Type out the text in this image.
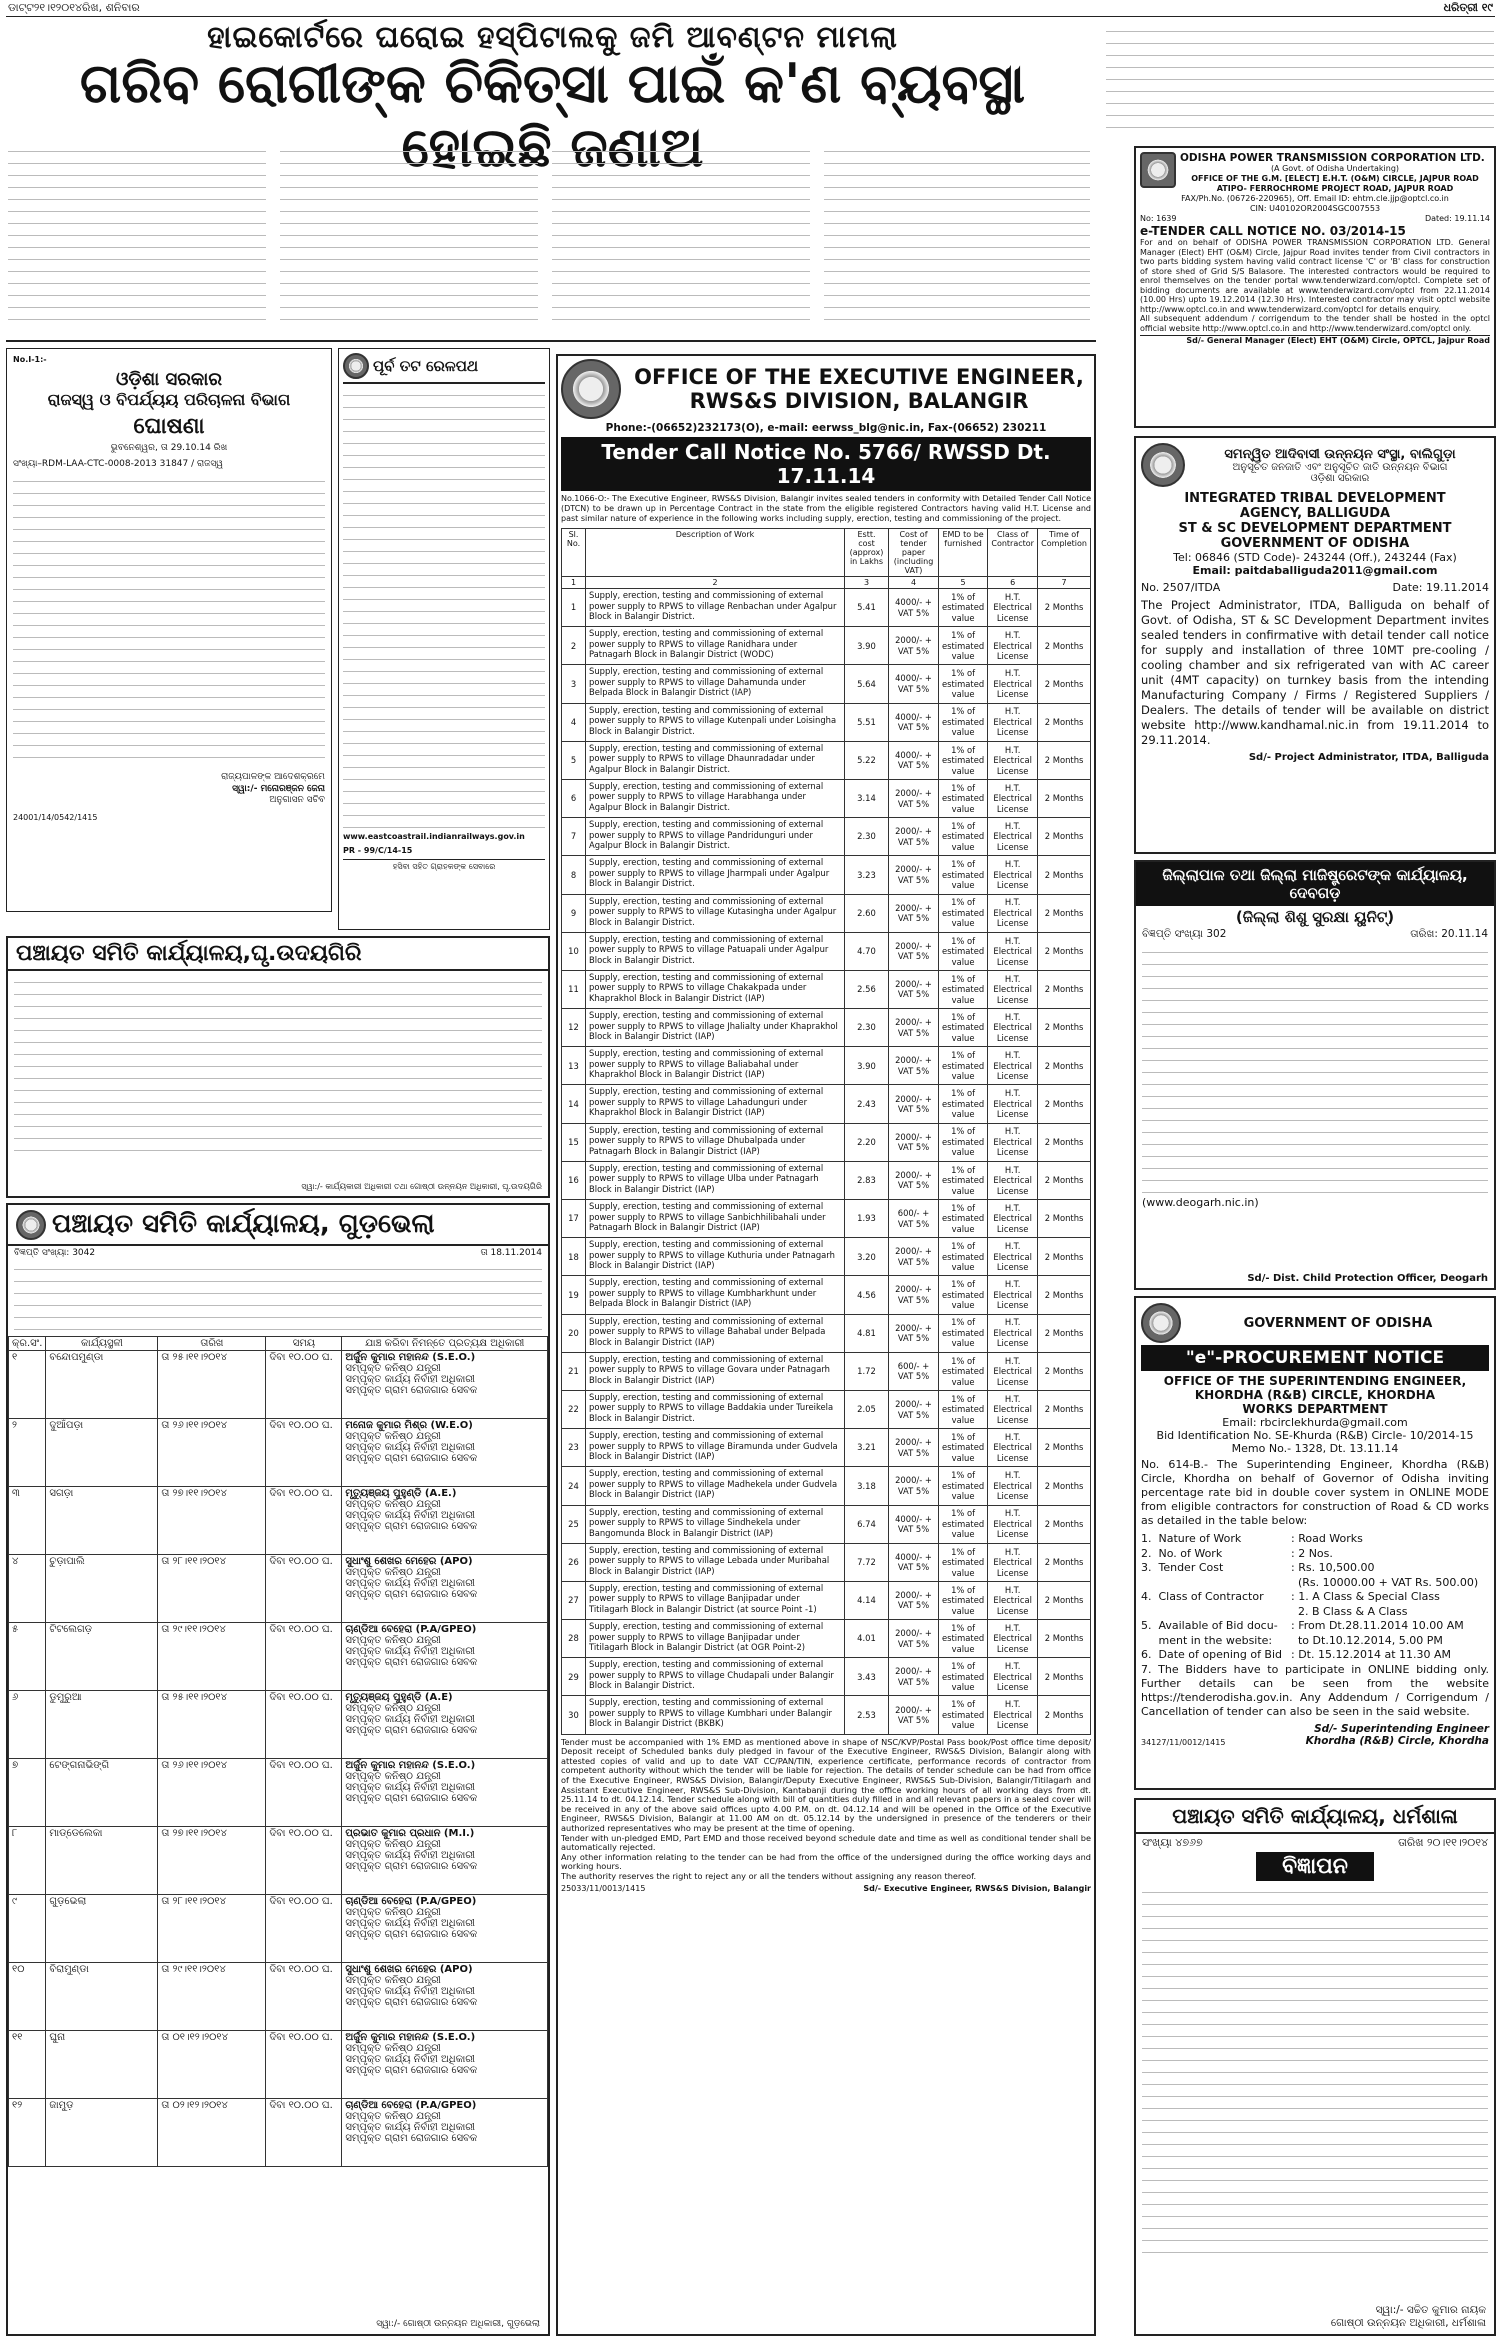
ଡାଟ୍ଟ୨୧।୧୨୦୧୪ରିଖ, ଶନିବାର	ଧରିତ୍ରୀ ୧୯
ହାଇକୋର୍ଟରେ ଘରୋଇ ହସ୍ପିଟାଲକୁ ଜମି ଆବଣ୍ଟନ ମାମଲା
ଗରିବ ରୋଗୀଙ୍କ ଚିକିତ୍ସା ପାଇଁ କ'ଣ ବ୍ୟବସ୍ଥା ହୋଇଛି ଜଣାଅ
No.I-1:-
ଓଡ଼ିଶା ସରକାର
ରାଜସ୍ୱ ଓ ବିପର୍ଯ୍ୟୟ ପରିଚାଳନା ବିଭାଗ
ଘୋଷଣା
ଭୁବନେଶ୍ୱର, ତା 29.10.14 ରିଖ
ସଂଖ୍ୟା–RDM-LAA-CTC-0008-2013 31847 / ରାଜସ୍ୱ
ରାଜ୍ୟପାଳଙ୍କ ଆଦେଶକ୍ରମେ
ସ୍ୱା:/- ମନୋରଞ୍ଜନ ଜେନା
ଅନୁଗାସନ ସଚିବ
24001/14/0542/1415
ପୂର୍ବ ତଟ ରେଳପଥ
www.eastcoastrail.indianrailways.gov.in
PR - 99/C/14-15
ହସିବା ସହିତ ଗ୍ରାହକଙ୍କ ସେବାରେ
ପଞ୍ଚାୟତ ସମିତି କାର୍ଯ୍ୟାଳୟ,ଘୃ.ଉଦୟଗିରି
ସ୍ୱା:/- କାର୍ଯ୍ୟକାରୀ ଅଧିକାରୀ ତଥା ଗୋଷ୍ଠୀ ଉନ୍ନୟନ ଅଧିକାରୀ, ଘୃ.ଉଦୟଗିରି
ପଞ୍ଚାୟତ ସମିତି କାର୍ଯ୍ୟାଳୟ, ଗୁଡ଼ଭେଲା
ବିଜ୍ଞପ୍ତି ସଂଖ୍ୟା: 3042	ତା 18.11.2014
କ୍ର.ସଂ.	କାର୍ଯ୍ୟସ୍ଥଳୀ	ତାରିଖ	ସମୟ	ଯାଞ୍ଚ କରିବା ନିମନ୍ତେ ପ୍ରତ୍ୟକ୍ଷ ଅଧିକାରୀ
୧	ବନ୍ଦୋପମୁଣ୍ଡା	ତା ୨୫।୧୧।୨୦୧୪	ଦିବା ୧୦.୦୦ ଘ.	ଅର୍ଜୁନ କୁମାର ମହାନନ୍ଦ (S.E.O.)
ସମ୍ପୃକ୍ତ କନିଷ୍ଠ ଯନ୍ତ୍ରୀ
ସମ୍ପୃକ୍ତ କାର୍ଯ୍ୟ ନିର୍ବାହୀ ଅଧିକାରୀ
ସମ୍ପୃକ୍ତ ଗ୍ରାମ ରୋଜଗାର ସେବକ

୨	ଦୁଆଁପଡ଼ା	ତା ୨୬।୧୧।୨୦୧୪	ଦିବା ୧୦.୦୦ ଘ.	ମନୋଜ କୁମାର ମିଶ୍ର (W.E.O)
ସମ୍ପୃକ୍ତ କନିଷ୍ଠ ଯନ୍ତ୍ରୀ
ସମ୍ପୃକ୍ତ କାର୍ଯ୍ୟ ନିର୍ବାହୀ ଅଧିକାରୀ
ସମ୍ପୃକ୍ତ ଗ୍ରାମ ରୋଜଗାର ସେବକ

୩	ସଗଡ଼ା	ତା ୨୭।୧୧।୨୦୧୪	ଦିବା ୧୦.୦୦ ଘ.	ମୃତ୍ୟୁଞ୍ଜୟ ପୁହୁଣ୍ଡି (A.E.)
ସମ୍ପୃକ୍ତ କନିଷ୍ଠ ଯନ୍ତ୍ରୀ
ସମ୍ପୃକ୍ତ କାର୍ଯ୍ୟ ନିର୍ବାହୀ ଅଧିକାରୀ
ସମ୍ପୃକ୍ତ ଗ୍ରାମ ରୋଜଗାର ସେବକ

୪	ଚୁଡ଼ାପାଲି	ତା ୨୮।୧୧।୨୦୧୪	ଦିବା ୧୦.୦୦ ଘ.	ସୁଧାଂଶୁ ଶେଖର ମେହେର (APO)
ସମ୍ପୃକ୍ତ କନିଷ୍ଠ ଯନ୍ତ୍ରୀ
ସମ୍ପୃକ୍ତ କାର୍ଯ୍ୟ ନିର୍ବାହୀ ଅଧିକାରୀ
ସମ୍ପୃକ୍ତ ଗ୍ରାମ ରୋଜଗାର ସେବକ

୫	ଟିଟଲେଗଡ଼	ତା ୨୯।୧୧।୨୦୧୪	ଦିବା ୧୦.୦୦ ଘ.	ଚାଣ୍ଡିଆ ବେହେରା (P.A/GPEO)
ସମ୍ପୃକ୍ତ କନିଷ୍ଠ ଯନ୍ତ୍ରୀ
ସମ୍ପୃକ୍ତ କାର୍ଯ୍ୟ ନିର୍ବାହୀ ଅଧିକାରୀ
ସମ୍ପୃକ୍ତ ଗ୍ରାମ ରୋଜଗାର ସେବକ

୬	ଡୁମୁରୁଆ	ତା ୨୫।୧୧।୨୦୧୪	ଦିବା ୧୦.୦୦ ଘ.	ମୃତ୍ୟୁଞ୍ଜୟ ପୁହୁଣ୍ଡି (A.E)
ସମ୍ପୃକ୍ତ କନିଷ୍ଠ ଯନ୍ତ୍ରୀ
ସମ୍ପୃକ୍ତ କାର୍ଯ୍ୟ ନିର୍ବାହୀ ଅଧିକାରୀ
ସମ୍ପୃକ୍ତ ଗ୍ରାମ ରୋଜଗାର ସେବକ

୭	ଟେଙ୍ଗନାଭିଙ୍ଗି	ତା ୨୬।୧୧।୨୦୧୪	ଦିବା ୧୦.୦୦ ଘ.	ଅର୍ଜୁନ କୁମାର ମହାନନ୍ଦ (S.E.O.)
ସମ୍ପୃକ୍ତ କନିଷ୍ଠ ଯନ୍ତ୍ରୀ
ସମ୍ପୃକ୍ତ କାର୍ଯ୍ୟ ନିର୍ବାହୀ ଅଧିକାରୀ
ସମ୍ପୃକ୍ତ ଗ୍ରାମ ରୋଜଗାର ସେବକ

୮	ମାଡ୍ଡେଲେକା	ତା ୨୭।୧୧।୨୦୧୪	ଦିବା ୧୦.୦୦ ଘ.	ପ୍ରଭାତ କୁମାର ପ୍ରଧାନ (M.I.)
ସମ୍ପୃକ୍ତ କନିଷ୍ଠ ଯନ୍ତ୍ରୀ
ସମ୍ପୃକ୍ତ କାର୍ଯ୍ୟ ନିର୍ବାହୀ ଅଧିକାରୀ
ସମ୍ପୃକ୍ତ ଗ୍ରାମ ରୋଜଗାର ସେବକ

୯	ଗୁଡ଼ଭେଲା	ତା ୨୮।୧୧।୨୦୧୪	ଦିବା ୧୦.୦୦ ଘ.	ଚାଣ୍ଡିଆ ବେହେରା (P.A/GPEO)
ସମ୍ପୃକ୍ତ କନିଷ୍ଠ ଯନ୍ତ୍ରୀ
ସମ୍ପୃକ୍ତ କାର୍ଯ୍ୟ ନିର୍ବାହୀ ଅଧିକାରୀ
ସମ୍ପୃକ୍ତ ଗ୍ରାମ ରୋଜଗାର ସେବକ

୧୦	ବିରାମୁଣ୍ଡା	ତା ୨୯।୧୧।୨୦୧୪	ଦିବା ୧୦.୦୦ ଘ.	ସୁଧାଂଶୁ ଶେଖର ମେହେର (APO)
ସମ୍ପୃକ୍ତ କନିଷ୍ଠ ଯନ୍ତ୍ରୀ
ସମ୍ପୃକ୍ତ କାର୍ଯ୍ୟ ନିର୍ବାହୀ ଅଧିକାରୀ
ସମ୍ପୃକ୍ତ ଗ୍ରାମ ରୋଜଗାର ସେବକ

୧୧	ଘୁନା	ତା ୦୧।୧୨।୨୦୧୪	ଦିବା ୧୦.୦୦ ଘ.	ଅର୍ଜୁନ କୁମାର ମହାନନ୍ଦ (S.E.O.)
ସମ୍ପୃକ୍ତ କନିଷ୍ଠ ଯନ୍ତ୍ରୀ
ସମ୍ପୃକ୍ତ କାର୍ଯ୍ୟ ନିର୍ବାହୀ ଅଧିକାରୀ
ସମ୍ପୃକ୍ତ ଗ୍ରାମ ରୋଜଗାର ସେବକ

୧୨	ଜାମୁଡ଼	ତା ୦୨।୧୨।୨୦୧୪	ଦିବା ୧୦.୦୦ ଘ.	ଚାଣ୍ଡିଆ ବେହେରା (P.A/GPEO)
ସମ୍ପୃକ୍ତ କନିଷ୍ଠ ଯନ୍ତ୍ରୀ
ସମ୍ପୃକ୍ତ କାର୍ଯ୍ୟ ନିର୍ବାହୀ ଅଧିକାରୀ
ସମ୍ପୃକ୍ତ ଗ୍ରାମ ରୋଜଗାର ସେବକ
ସ୍ୱା:/- ଗୋଷ୍ଠୀ ଉନ୍ନୟନ ଅଧିକାରୀ, ଗୁଡ଼ଭେଲା
OFFICE OF THE EXECUTIVE ENGINEER,
RWS&S DIVISION, BALANGIR
Phone:-(06652)232173(O), e-mail: eerwss_blg@nic.in, Fax-(06652) 230211
Tender Call Notice No. 5766/ RWSSD Dt. 17.11.14
No.1066-O:- The Executive Engineer, RWS&S Division, Balangir invites sealed tenders in conformity with Detailed Tender Call Notice (DTCN) to be drawn up in Percentage Contract in the state from the eligible registered Contractors having valid H.T. License and past similar nature of experience in the following works including supply, erection, testing and commissioning of the project.
Sl. No.	Description of Work	Estt. cost (approx) in Lakhs	Cost of tender paper (including VAT)	EMD to be furnished	Class of Contractor	Time of Completion
1	2	3	4	5	6	7
1	Supply, erection, testing and commissioning of external power supply to RPWS to village Renbachan under Agalpur Block in Balangir District.	5.41	4000/- + VAT 5%	1% of estimated value	H.T. Electrical License	2 Months
2	Supply, erection, testing and commissioning of external power supply to RPWS to village Ranidhara under Patnagarh Block in Balangir District (WODC)	3.90	2000/- + VAT 5%	1% of estimated value	H.T. Electrical License	2 Months
3	Supply, erection, testing and commissioning of external power supply to RPWS to village Dahamunda under Belpada Block in Balangir District (IAP)	5.64	4000/- + VAT 5%	1% of estimated value	H.T. Electrical License	2 Months
4	Supply, erection, testing and commissioning of external power supply to RPWS to village Kutenpali under Loisingha Block in Balangir District.	5.51	4000/- + VAT 5%	1% of estimated value	H.T. Electrical License	2 Months
5	Supply, erection, testing and commissioning of external power supply to RPWS to village Dhaunradadar under Agalpur Block in Balangir District.	5.22	4000/- + VAT 5%	1% of estimated value	H.T. Electrical License	2 Months
6	Supply, erection, testing and commissioning of external power supply to RPWS to village Harabhanga under Agalpur Block in Balangir District.	3.14	2000/- + VAT 5%	1% of estimated value	H.T. Electrical License	2 Months
7	Supply, erection, testing and commissioning of external power supply to RPWS to village Pandridunguri under Agalpur Block in Balangir District.	2.30	2000/- + VAT 5%	1% of estimated value	H.T. Electrical License	2 Months
8	Supply, erection, testing and commissioning of external power supply to RPWS to village Jharmpali under Agalpur Block in Balangir District.	3.23	2000/- + VAT 5%	1% of estimated value	H.T. Electrical License	2 Months
9	Supply, erection, testing and commissioning of external power supply to RPWS to village Kutasingha under Agalpur Block in Balangir District.	2.60	2000/- + VAT 5%	1% of estimated value	H.T. Electrical License	2 Months
10	Supply, erection, testing and commissioning of external power supply to RPWS to village Patuapali under Agalpur Block in Balangir District.	4.70	2000/- + VAT 5%	1% of estimated value	H.T. Electrical License	2 Months
11	Supply, erection, testing and commissioning of external power supply to RPWS to village Chakakpada under Khaprakhol Block in Balangir District (IAP)	2.56	2000/- + VAT 5%	1% of estimated value	H.T. Electrical License	2 Months
12	Supply, erection, testing and commissioning of external power supply to RPWS to village Jhalialty under Khaprakhol Block in Balangir District (IAP)	2.30	2000/- + VAT 5%	1% of estimated value	H.T. Electrical License	2 Months
13	Supply, erection, testing and commissioning of external power supply to RPWS to village Baliabahal under Khaprakhol Block in Balangir District (IAP)	3.90	2000/- + VAT 5%	1% of estimated value	H.T. Electrical License	2 Months
14	Supply, erection, testing and commissioning of external power supply to RPWS to village Lahadunguri under Khaprakhol Block in Balangir District (IAP)	2.43	2000/- + VAT 5%	1% of estimated value	H.T. Electrical License	2 Months
15	Supply, erection, testing and commissioning of external power supply to RPWS to village Dhubalpada under Patnagarh Block in Balangir District (IAP)	2.20	2000/- + VAT 5%	1% of estimated value	H.T. Electrical License	2 Months
16	Supply, erection, testing and commissioning of external power supply to RPWS to village Ulba under Patnagarh Block in Balangir District (IAP)	2.83	2000/- + VAT 5%	1% of estimated value	H.T. Electrical License	2 Months
17	Supply, erection, testing and commissioning of external power supply to RPWS to village Sanbichhilibahali under Patnagarh Block in Balangir District (IAP)	1.93	600/- + VAT 5%	1% of estimated value	H.T. Electrical License	2 Months
18	Supply, erection, testing and commissioning of external power supply to RPWS to village Kuthuria under Patnagarh Block in Balangir District (IAP)	3.20	2000/- + VAT 5%	1% of estimated value	H.T. Electrical License	2 Months
19	Supply, erection, testing and commissioning of external power supply to RPWS to village Kumbharkhunt under Belpada Block in Balangir District (IAP)	4.56	2000/- + VAT 5%	1% of estimated value	H.T. Electrical License	2 Months
20	Supply, erection, testing and commissioning of external power supply to RPWS to village Bahabal under Belpada Block in Balangir District (IAP)	4.81	2000/- + VAT 5%	1% of estimated value	H.T. Electrical License	2 Months
21	Supply, erection, testing and commissioning of external power supply to RPWS to village Govara under Patnagarh Block in Balangir District (IAP)	1.72	600/- + VAT 5%	1% of estimated value	H.T. Electrical License	2 Months
22	Supply, erection, testing and commissioning of external power supply to RPWS to village Baddakia under Tureikela Block in Balangir District.	2.05	2000/- + VAT 5%	1% of estimated value	H.T. Electrical License	2 Months
23	Supply, erection, testing and commissioning of external power supply to RPWS to village Biramunda under Gudvela Block in Balangir District (IAP)	3.21	2000/- + VAT 5%	1% of estimated value	H.T. Electrical License	2 Months
24	Supply, erection, testing and commissioning of external power supply to RPWS to village Madhekela under Gudvela Block in Balangir District (IAP)	3.18	2000/- + VAT 5%	1% of estimated value	H.T. Electrical License	2 Months
25	Supply, erection, testing and commissioning of external power supply to RPWS to village Sindhekela under Bangomunda Block in Balangir District (IAP)	6.74	4000/- + VAT 5%	1% of estimated value	H.T. Electrical License	2 Months
26	Supply, erection, testing and commissioning of external power supply to RPWS to village Lebada under Muribahal Block in Balangir District (IAP)	7.72	4000/- + VAT 5%	1% of estimated value	H.T. Electrical License	2 Months
27	Supply, erection, testing and commissioning of external power supply to RPWS to village Banjipadar under Titilagarh Block in Balangir District (at source Point -1)	4.14	2000/- + VAT 5%	1% of estimated value	H.T. Electrical License	2 Months
28	Supply, erection, testing and commissioning of external power supply to RPWS to village Banjipadar under Titilagarh Block in Balangir District (at OGR Point-2)	4.01	2000/- + VAT 5%	1% of estimated value	H.T. Electrical License	2 Months
29	Supply, erection, testing and commissioning of external power supply to RPWS to village Chudapali under Balangir Block in Balangir District.	3.43	2000/- + VAT 5%	1% of estimated value	H.T. Electrical License	2 Months
30	Supply, erection, testing and commissioning of external power supply to RPWS to village Kumbhari under Balangir Block in Balangir District (BKBK)	2.53	2000/- + VAT 5%	1% of estimated value	H.T. Electrical License	2 Months
Tender must be accompanied with 1% EMD as mentioned above in shape of NSC/KVP/Postal Pass book/Post office time deposit/ Deposit receipt of Scheduled banks duly pledged in favour of the Executive Engineer, RWS&S Division, Balangir along with attested copies of valid and up to date VAT CC/PAN/TIN, experience certificate, performance records of contractor from competent authority without which the tender will be liable for rejection. The details of tender schedule can be had from office of the Executive Engineer, RWS&S Division, Balangir/Deputy Executive Engineer, RWS&S Sub-Division, Balangir/Titilagarh and Assistant Executive Engineer, RWS&S Sub-Division, Kantabanji during the office working hours of all working days from dt. 25.11.14 to dt. 04.12.14. Tender schedule along with bill of quantities duly filled in and all relevant papers in a sealed cover will be received in any of the above said offices upto 4.00 P.M. on dt. 04.12.14 and will be opened in the Office of the Executive Engineer, RWS&S Division, Balangir at 11.00 AM on dt. 05.12.14 by the undersigned in presence of the tenderers or their authorized representatives who may be present at the time of opening.
Tender with un-pledged EMD, Part EMD and those received beyond schedule date and time as well as conditional tender shall be automatically rejected.
Any other information relating to the tender can be had from the office of the undersigned during the office working days and working hours.
The authority reserves the right to reject any or all the tenders without assigning any reason thereof.
25033/11/0013/1415	Sd/- Executive Engineer, RWS&S Division, Balangir
ODISHA POWER TRANSMISSION CORPORATION LTD.
(A Govt. of Odisha Undertaking)
OFFICE OF THE G.M. [ELECT] E.H.T. (O&M) CIRCLE, JAJPUR ROAD
ATIPO- FERROCHROME PROJECT ROAD, JAJPUR ROAD
FAX/Ph.No. (06726-220965), Off. Email ID: ehtm.cle.jjp@optcl.co.in
CIN: U40102OR2004SGC007553
No: 1639	Dated: 19.11.14
e-TENDER CALL NOTICE NO. 03/2014-15
For and on behalf of ODISHA POWER TRANSMISSION CORPORATION LTD. General Manager (Elect) EHT (O&M) Circle, Jajpur Road invites tender from Civil contractors in two parts bidding system having valid contract license 'C' or 'B' class for construction of store shed of Grid S/S Balasore. The interested contractors would be required to enrol themselves on the tender portal www.tenderwizard.com/optcl. Complete set of bidding documents are available at www.tenderwizard.com/optcl from 22.11.2014 (10.00 Hrs) upto 19.12.2014 (12.30 Hrs). Interested contractor may visit optcl website http://www.optcl.co.in and www.tenderwizard.com/optcl for details enquiry.
All subsequent addendum / corrigendum to the tender shall be hosted in the optcl official website http://www.optcl.co.in and http://www.tenderwizard.com/optcl only.
Sd/- General Manager (Elect) EHT (O&M) Circle, OPTCL, Jajpur Road
ସମନ୍ୱିତ ଆଦିବାସୀ ଉନ୍ନୟନ ସଂସ୍ଥା, ବାଲିଗୁଡ଼ା
ଅନୁସୂଚିତ ଜନଜାତି ଏବଂ ଅନୁସୂଚିତ ଜାତି ଉନ୍ନୟନ ବିଭାଗ
ଓଡ଼ିଶା ସରକାର
INTEGRATED TRIBAL DEVELOPMENT
AGENCY, BALLIGUDA
ST & SC DEVELOPMENT DEPARTMENT
GOVERNMENT OF ODISHA
Tel: 06846 (STD Code)- 243244 (Off.), 243244 (Fax)
Email: paitdaballiguda2011@gmail.com
No. 2507/ITDA	Date: 19.11.2014
The Project Administrator, ITDA, Balliguda on behalf of Govt. of Odisha, ST & SC Development Department invites sealed tenders in confirmative with detail tender call notice for supply and installation of three 10MT pre-cooling / cooling chamber and six refrigerated van with AC career unit (4MT capacity) on turnkey basis from the intending Manufacturing Company / Firms / Registered Suppliers / Dealers. The details of tender will be available on district website http://www.kandhamal.nic.in from 19.11.2014 to 29.11.2014.
Sd/- Project Administrator, ITDA, Balliguda
ଜିଲ୍ଲାପାଳ ତଥା ଜିଲ୍ଲା ମାଜିଷ୍ଟ୍ରେଟଙ୍କ କାର୍ଯ୍ୟାଳୟ, ଦେବଗଡ଼
(ଜିଲ୍ଲା ଶିଶୁ ସୁରକ୍ଷା ୟୁନିଟ୍)
ବିଜ୍ଞପ୍ତି ସଂଖ୍ୟା 302	ତାରିଖ: 20.11.14
(www.deogarh.nic.in)
Sd/- Dist. Child Protection Officer, Deogarh
GOVERNMENT OF ODISHA
"e"-PROCUREMENT NOTICE
OFFICE OF THE SUPERINTENDING ENGINEER,
KHORDHA (R&B) CIRCLE, KHORDHA
WORKS DEPARTMENT
Email: rbcirclekhurda@gmail.com
Bid Identification No. SE-Khurda (R&B) Circle- 10/2014-15
Memo No.- 1328, Dt. 13.11.14
No. 614-B.- The Superintending Engineer, Khordha (R&B) Circle, Khordha on behalf of Governor of Odisha inviting percentage rate bid in double cover system in ONLINE MODE from eligible contractors for construction of Road & CD works as detailed in the table below:
1.  Nature of Work	: Road Works
2.  No. of Work	: 2 Nos.
3.  Tender Cost	: Rs. 10,500.00
(Rs. 10000.00 + VAT Rs. 500.00)
4.  Class of Contractor	: 1. A Class & Special Class
2. B Class & A Class
5.  Available of Bid docu-	: From Dt.28.11.2014 10.00 AM
ment in the website:	to Dt.10.12.2014, 5.00 PM
6.  Date of opening of Bid : Dt. 15.12.2014 at 11.30 AM
7. The Bidders have to participate in ONLINE bidding only. Further details can be seen from the website https://tenderodisha.gov.in. Any Addendum / Corrigendum / Cancellation of tender can also be seen in the said website.
34127/11/0012/1415
Sd/- Superintending Engineer
Khordha (R&B) Circle, Khordha
ପଞ୍ଚାୟତ ସମିତି କାର୍ଯ୍ୟାଳୟ, ଧର୍ମଶାଳା
ସଂଖ୍ୟା ୪୭୬୭	ତାରିଖ ୨୦।୧୧।୨୦୧୪
ବିଜ୍ଞାପନ
ସ୍ୱା:/- ସଚ୍ଚିତ କୁମାର ନାୟକ
ଗୋଷ୍ଠୀ ଉନ୍ନୟନ ଅଧିକାରୀ, ଧର୍ମଶାଳା
